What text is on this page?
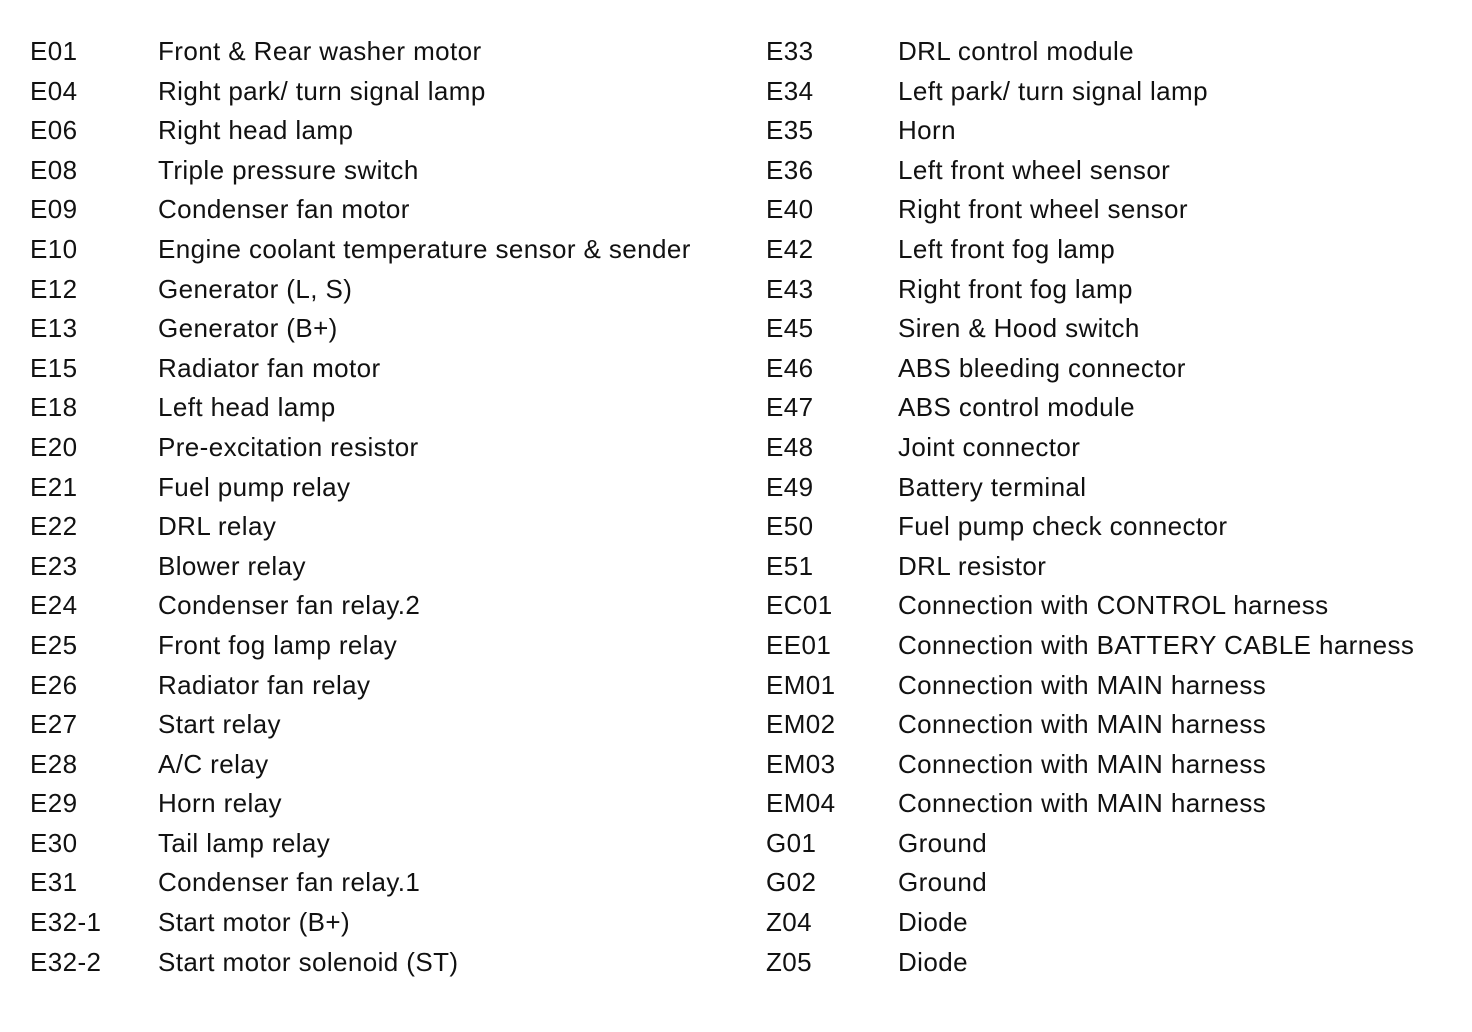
E01	Front & Rear washer motor
E04	Right park/ turn signal lamp
E06	Right head lamp
E08	Triple pressure switch
E09	Condenser fan motor
E10	Engine coolant temperature sensor & sender
E12	Generator (L, S)
E13	Generator (B+)
E15	Radiator fan motor
E18	Left head lamp
E20	Pre-excitation resistor
E21	Fuel pump relay
E22	DRL relay
E23	Blower relay
E24	Condenser fan relay.2
E25	Front fog lamp relay
E26	Radiator fan relay
E27	Start relay
E28	A/C relay
E29	Horn relay
E30	Tail lamp relay
E31	Condenser fan relay.1
E32-1	Start motor (B+)
E32-2	Start motor solenoid (ST)
E33	DRL control module
E34	Left park/ turn signal lamp
E35	Horn
E36	Left front wheel sensor
E40	Right front wheel sensor
E42	Left front fog lamp
E43	Right front fog lamp
E45	Siren & Hood switch
E46	ABS bleeding connector
E47	ABS control module
E48	Joint connector
E49	Battery terminal
E50	Fuel pump check connector
E51	DRL resistor
EC01	Connection with CONTROL harness
EE01	Connection with BATTERY CABLE harness
EM01	Connection with MAIN harness
EM02	Connection with MAIN harness
EM03	Connection with MAIN harness
EM04	Connection with MAIN harness
G01	Ground
G02	Ground
Z04	Diode
Z05	Diode
